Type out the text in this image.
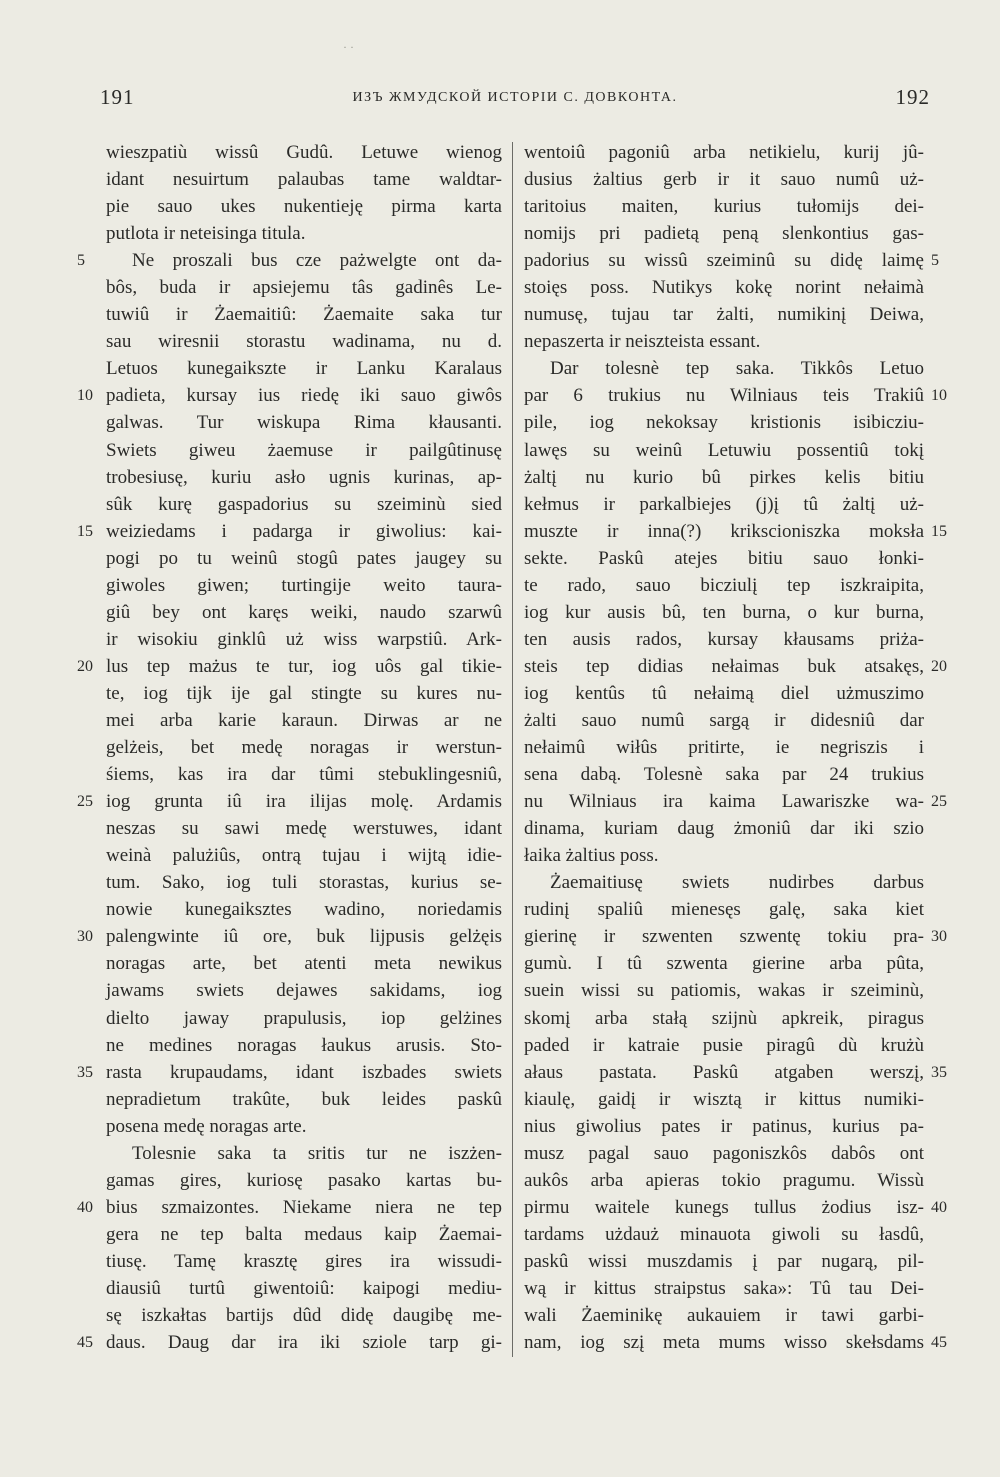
· ·
191	ИЗЪ ЖМУДСКОЙ ИСТОРІИ С. ДОВКОНТА.	192
wieszpatiù wissû Gudû. Letuwe wienog
idant nesuirtum palaubas tame waldtar-
pie sauo ukes nukentieję pirma karta
putlota ir neteisinga titula.
Ne proszali bus cze pażwelgte ont da-
bôs, buda ir apsiejemu tâs gadinês Le-
tuwiû ir Żaemaitiû: Żaemaite saka tur
sau wiresnii storastu wadinama, nu d.
Letuos kunegaikszte ir Lanku Karalaus
padieta, kursay ius riedę iki sauo giwôs
galwas. Tur wiskupa Rima kłausanti.
Swiets giweu żaemuse ir pailgûtinusę
trobesiusę, kuriu asło ugnis kurinas, ap-
sûk kurę gaspadorius su szeiminù sied
weiziedams i padarga ir giwolius: kai-
pogi po tu weinû stogû pates jaugey su
giwoles giwen; turtingije weito taura-
giû bey ont karęs weiki, naudo szarwû
ir wisokiu ginklû uż wiss warpstiû. Ark-
lus tep mażus te tur, iog uôs gal tikie-
te, iog tijk ije gal stingte su kures nu-
mei arba karie karaun. Dirwas ar ne
gelżeis, bet medę noragas ir werstun-
śiems, kas ira dar tûmi stebuklingesniû,
iog grunta iû ira ilijas molę. Ardamis
neszas su sawi medę werstuwes, idant
weinà palużiûs, ontrą tujau i wijtą idie-
tum. Sako, iog tuli storastas, kurius se-
nowie kunegaiksztes wadino, noriedamis
palengwinte iû ore, buk lijpusis gelżęis
noragas arte, bet atenti meta newikus
jawams swiets dejawes sakidams, iog
dielto jaway prapulusis, iop gelżines
ne medines noragas łaukus arusis. Sto-
rasta krupaudams, idant iszbades swiets
nepradietum trakûte, buk leides paskû
posena medę noragas arte.
Tolesnie saka ta sritis tur ne iszżen-
gamas gires, kuriosę pasako kartas bu-
bius szmaizontes. Niekame niera ne tep
gera ne tep balta medaus kaip Żaemai-
tiusę. Tamę krasztę gires ira wissudi-
diausiû turtû giwentoiû: kaipogi mediu-
sę iszkałtas bartijs dûd didę daugibę me-
daus. Daug dar ira iki sziole tarp gi-
wentoiû pagoniû arba netikielu, kurij jû-
dusius żaltius gerb ir it sauo numû uż-
taritoius maiten, kurius tułomijs dei-
nomijs pri padietą peną slenkontius gas-
padorius su wissû szeiminû su didę laimę
stoięs poss. Nutikys kokę norint nełaimà
numusę, tujau tar żalti, numikinį Deiwa,
nepaszerta ir neiszteista essant.
Dar tolesnè tep saka. Tikkôs Letuo
par 6 trukius nu Wilniaus teis Trakiû
pile, iog nekoksay kristionis isibicziu-
lawęs su weinû Letuwiu possentiû tokį
żaltį nu kurio bû pirkes kelis bitiu
kełmus ir parkalbiejes (j)į tû żaltį uż-
muszte ir inna(?) krikscioniszka moksła
sekte. Paskû atejes bitiu sauo łonki-
te rado, sauo bicziulį tep iszkraipita,
iog kur ausis bû, ten burna, o kur burna,
ten ausis rados, kursay kłausams priża-
steis tep didias nełaimas buk atsakęs,
iog kentûs tû nełaimą diel użmuszimo
żalti sauo numû sargą ir didesniû dar
nełaimû wiłûs pritirte, ie negriszis i
sena dabą. Tolesnè saka par 24 trukius
nu Wilniaus ira kaima Lawariszke wa-
dinama, kuriam daug żmoniû dar iki szio
łaika żaltius poss.
Żaemaitiusę swiets nudirbes darbus
rudinį spaliû mienesęs galę, saka kiet
gierinę ir szwenten szwentę tokiu pra-
gumù. I tû szwenta gierine arba pûta,
suein wissi su patiomis, wakas ir szeiminù,
skomį arba stałą szijnù apkreik, piragus
paded ir katraie pusie piragû dù krużù
ałaus pastata. Paskû atgaben werszį,
kiaulę, gaidį ir wisztą ir kittus numiki-
nius giwolius pates ir patinus, kurius pa-
musz pagal sauo pagoniszkôs dabôs ont
aukôs arba apieras tokio pragumu. Wissù
pirmu waitele kunegs tullus żodius isz-
tardams użdauż minauota giwoli su łasdû,
paskû wissi muszdamis į par nugarą, pil-
wą ir kittus straipstus saka»: Tû tau Dei-
wali Żaeminikę aukauiem ir tawi garbi-
nam, iog szį meta mums wisso skełsdams
5
10
15
20
25
30
35
40
45
5
10
15
20
25
30
35
40
45
